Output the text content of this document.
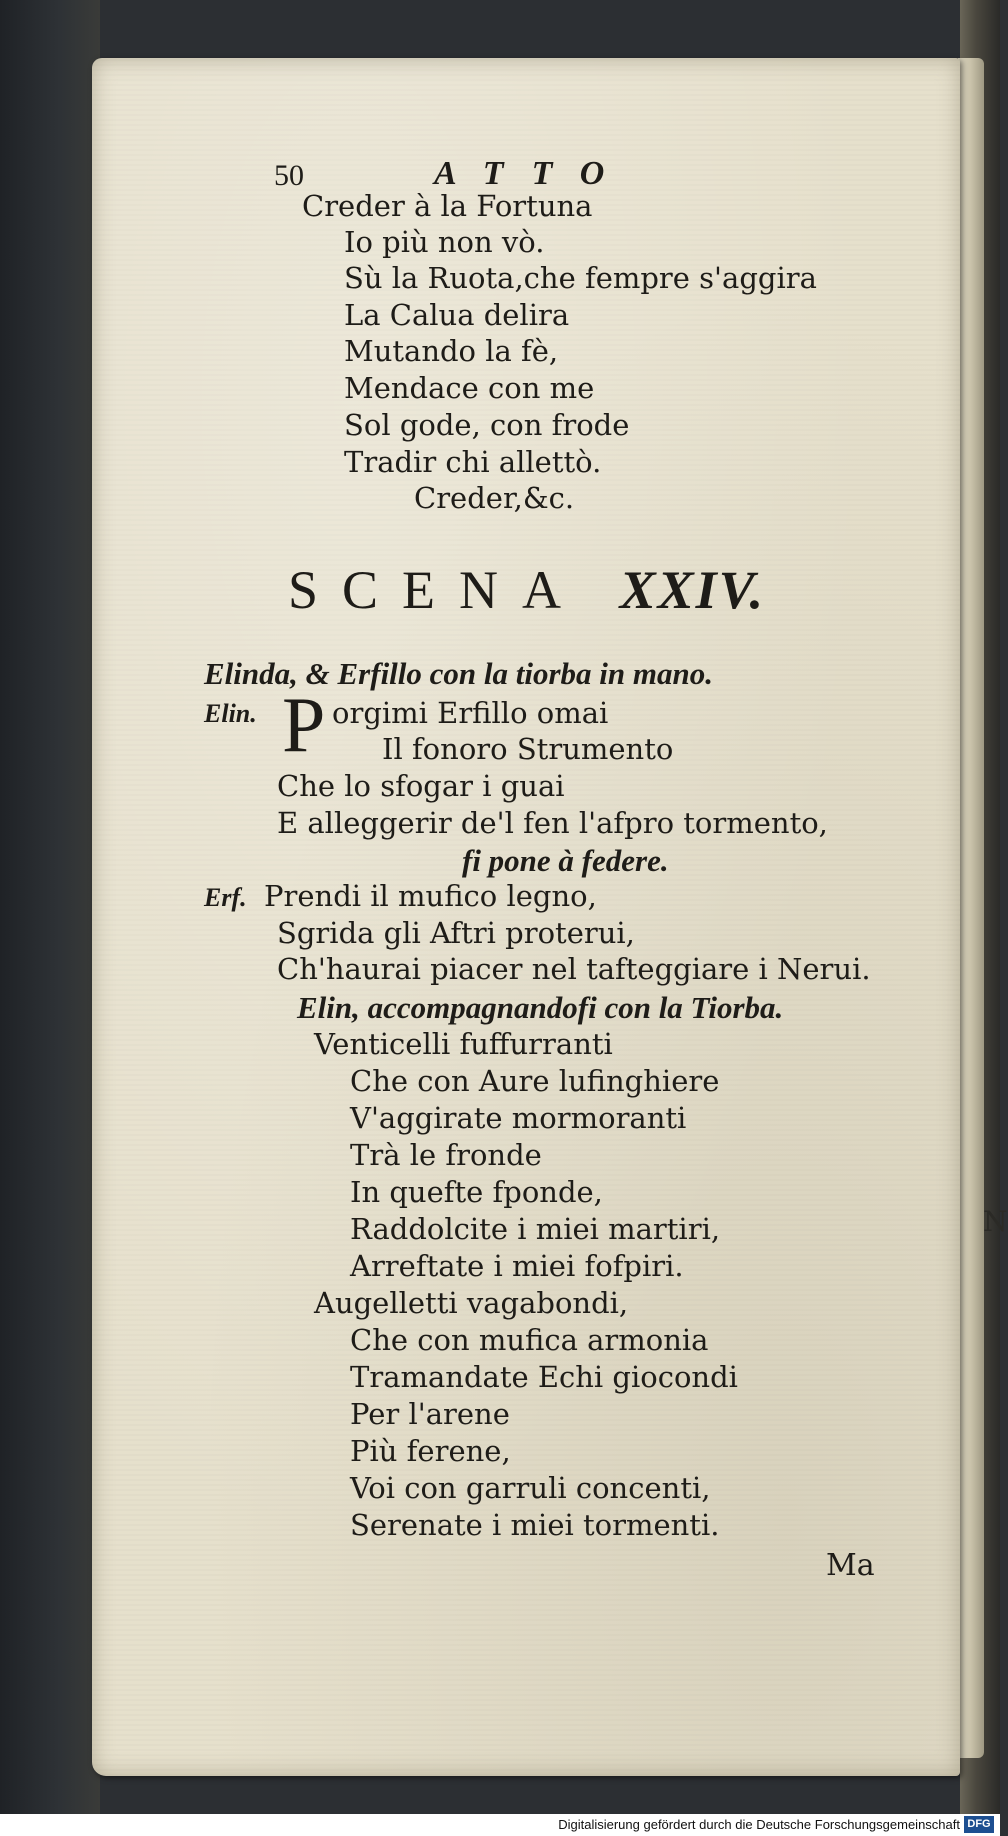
N
50	ATTO
Creder à la Fortuna
Io più non vò.
Sù la Ruota,che fempre s'aggira
La Calua delira
Mutando la fè,
Mendace con me
Sol gode, con frode
Tradir chi allettò.
Creder,&c.
SCENA XXIV.
Elinda, & Erfillo con la tiorba in mano.
Elin. P orgimi Erfillo omai
Il fonoro Strumento
Che lo sfogar i guai
E alleggerir de'l fen l'afpro tormento,
fi pone à federe.
Erf. Prendi il mufico legno,
Sgrida gli Aftri proterui,
Ch'haurai piacer nel tafteggiare i Nerui.
Elin, accompagnandofi con la Tiorba.
Venticelli fuffurranti
Che con Aure lufinghiere
V'aggirate mormoranti
Trà le fronde
In quefte fponde,
Raddolcite i miei martiri,
Arreftate i miei fofpiri.
Augelletti vagabondi,
Che con mufica armonia
Tramandate Echi giocondi
Per l'arene
Più ferene,
Voi con garruli concenti,
Serenate i miei tormenti.
Ma
Digitalisierung gefördert durch die Deutsche Forschungsgemeinschaft DFG
